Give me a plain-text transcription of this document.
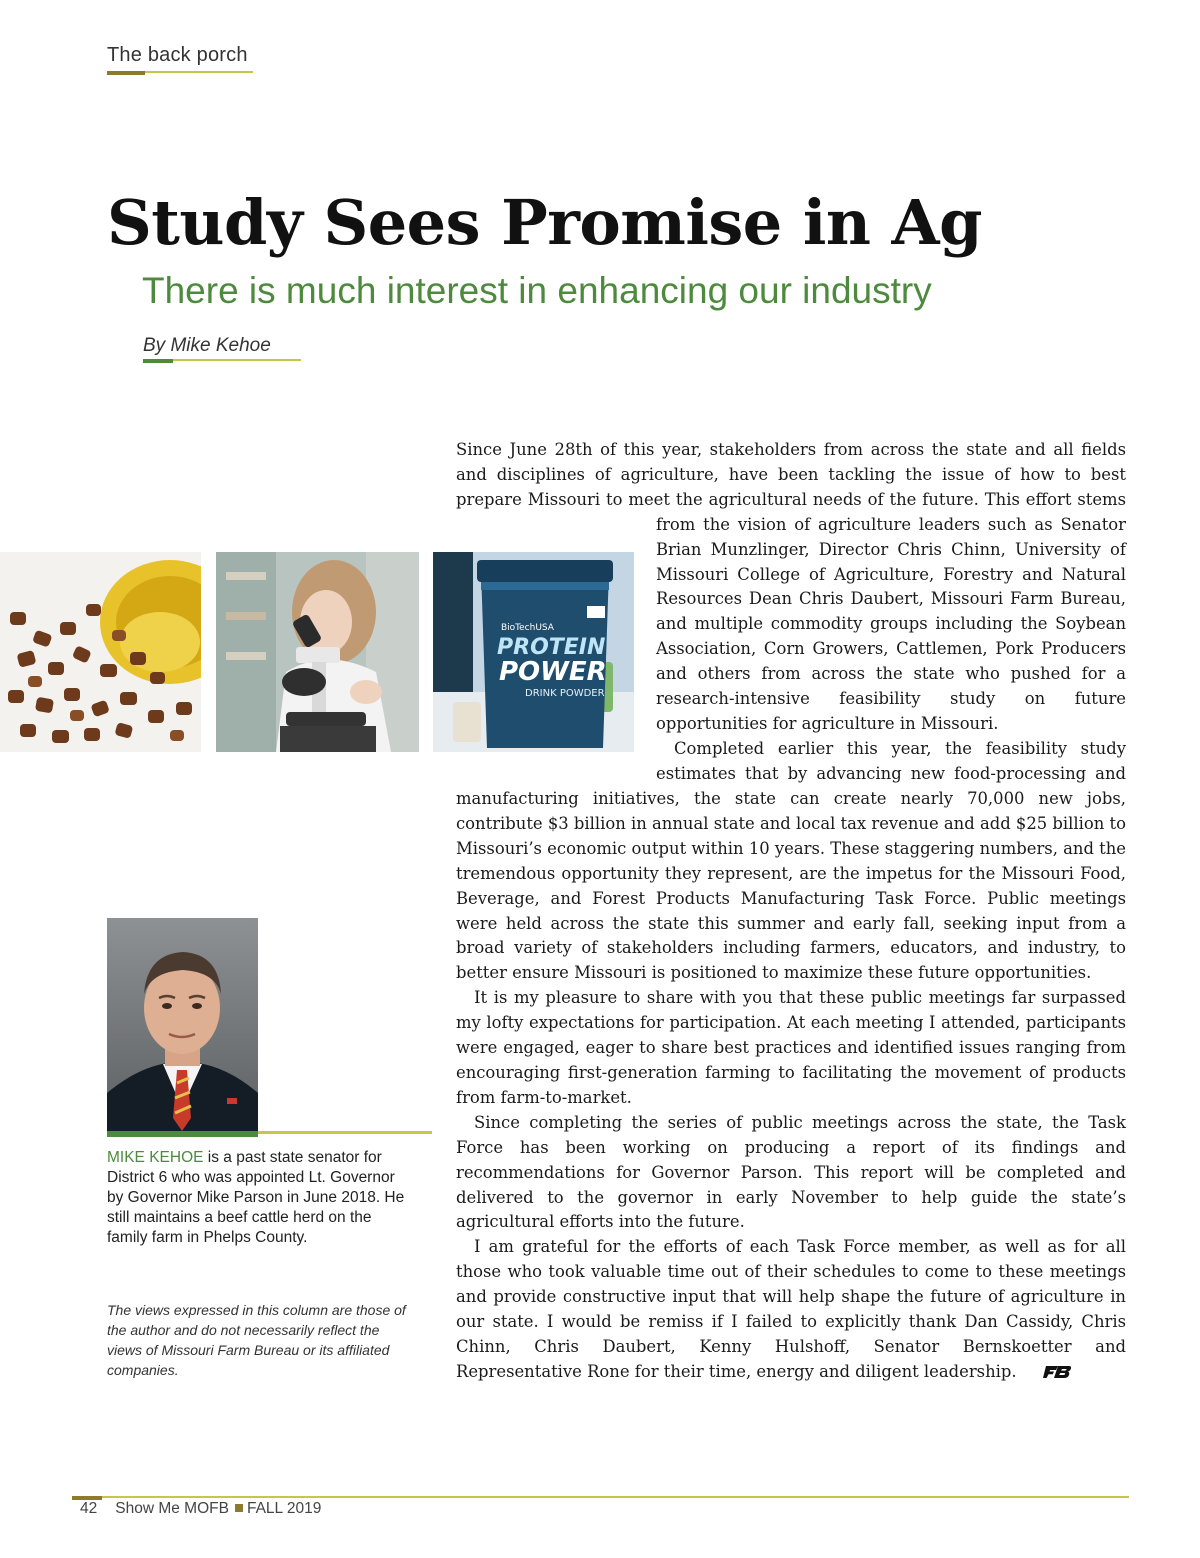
The back porch
Study Sees Promise in Ag
There is much interest in enhancing our industry
By Mike Kehoe
BioTechUSA
PROTEIN
POWER
DRINK POWDER
MIKE KEHOE is a past state senator for District 6 who was appointed Lt. Governor by Governor Mike Parson in June 2018. He still maintains a beef cattle herd on the family farm in Phelps County.
The views expressed in this column are those of the author and do not necessarily reflect the views of Missouri Farm Bureau or its affiliated companies.

Since June 28th of this year, stakeholders from across the state and all fields and disciplines of agriculture, have been tackling the issue of how to best prepare Missouri to meet the agricultural needs of the future. This effort stems

from the vision of agriculture leaders such as Senator Brian Munzlinger, Director Chris Chinn, University of Missouri College of Agriculture, Forestry and Natural Resources Dean Chris Daubert, Missouri Farm Bureau, and multiple commodity groups including the Soybean Association, Corn Growers, Cattlemen, Pork Producers and others from across the state who pushed for a research-intensive feasibility study on future opportunities for agriculture in Missouri.

Completed earlier this year, the feasibility study estimates that by advancing new food-processing and

manufacturing initiatives, the state can create nearly 70,000 new jobs, contribute $3 billion in annual state and local tax revenue and add $25 billion to Missouri’s economic output within 10 years. These staggering numbers, and the tremendous opportunity they represent, are the impetus for the Missouri Food, Beverage, and Forest Products Manufacturing Task Force. Public meetings were held across the state this summer and early fall, seeking input from a broad variety of stakeholders including farmers, educators, and industry, to better ensure Missouri is positioned to maximize these future opportunities.

It is my pleasure to share with you that these public meetings far surpassed my lofty expectations for participation. At each meeting I attended, participants were engaged, eager to share best practices and identified issues ranging from encouraging first-generation farming to facilitating the movement of products from farm-to-market.

Since completing the series of public meetings across the state, the Task Force has been working on producing a report of its findings and recommendations for Governor Parson. This report will be completed and delivered to the governor in early November to help guide the state’s agricultural efforts into the future.

I am grateful for the efforts of each Task Force member, as well as for all those who took valuable time out of their schedules to come to these meetings and provide constructive input that will help shape the future of agriculture in our state. I would be remiss if I failed to explicitly thank Dan Cassidy, Chris Chinn, Chris Daubert, Kenny Hulshoff, Senator Bernskoetter and Representative Rone for their time, energy and diligent leadership.

42 Show Me MOFB FALL 2019
